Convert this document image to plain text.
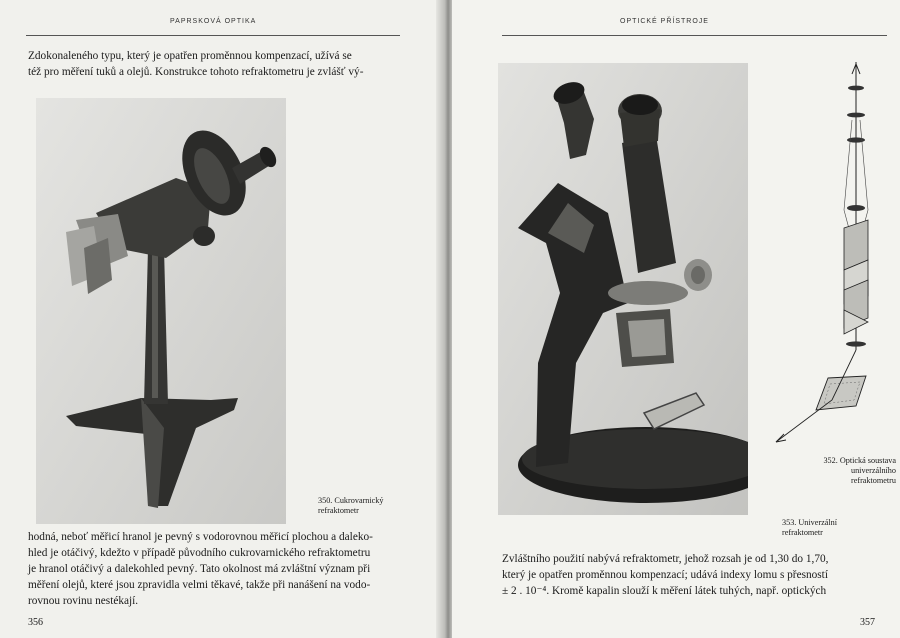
PAPRSKOVÁ OPTIKA

Zdokonaleného typu, který je opatřen proměnnou kompenzací, užívá se

též pro měření tuků a olejů. Konstrukce tohoto refraktometru je zvlášť vý-

350. Cukrovarnický

refraktometr

hodná, neboť měřicí hranol je pevný s vodorovnou měřicí plochou a daleko-

hled je otáčivý, kdežto v případě původního cukrovarnického refraktometru

je hranol otáčivý a dalekohled pevný. Tato okolnost má zvláštní význam při

měření olejů, které jsou zpravidla velmi těkavé, takže při nanášení na vodo-

rovnou rovinu nestékají.

356
OPTICKÉ PŘÍSTROJE

352. Optická soustava

univerzálního

refraktometru

353. Univerzální

refraktometr

Zvláštního použití nabývá refraktometr, jehož rozsah je od 1,30 do 1,70,

který je opatřen proměnnou kompenzací; udává indexy lomu s přesností

± 2 . 10⁻⁴. Kromě kapalin slouží k měření látek tuhých, např. optických

357
